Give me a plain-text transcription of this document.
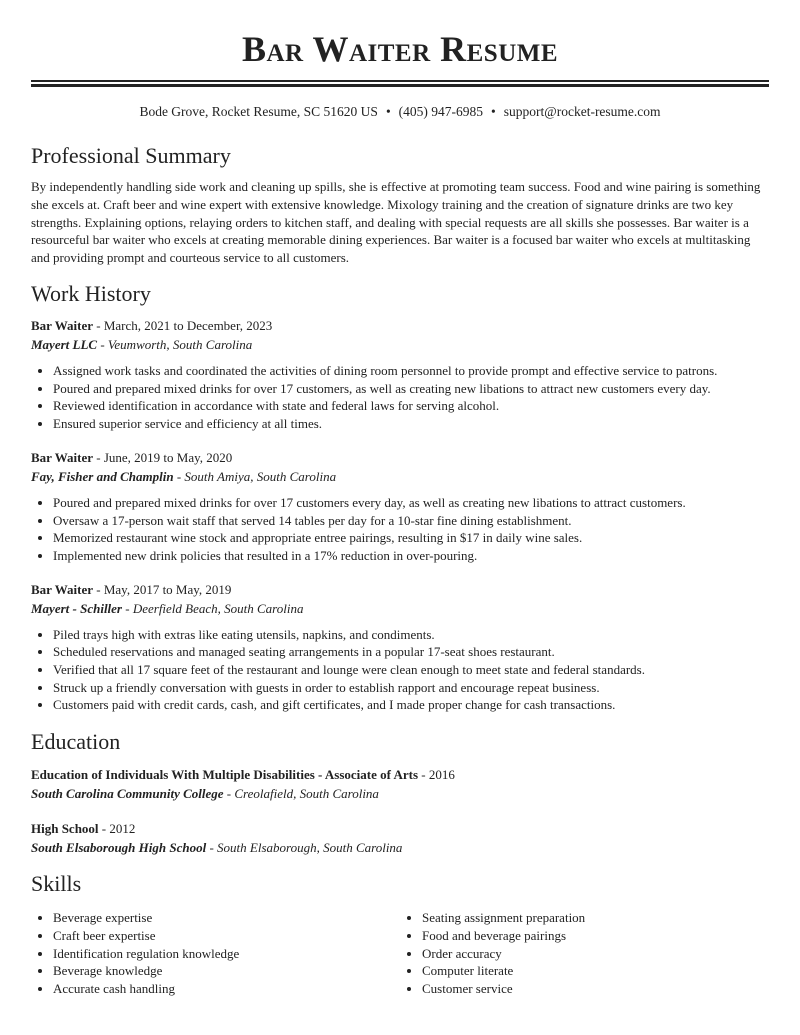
Bar Waiter Resume
Bode Grove, Rocket Resume, SC 51620 US • (405) 947-6985 • support@rocket-resume.com
Professional Summary
By independently handling side work and cleaning up spills, she is effective at promoting team success. Food and wine pairing is something she excels at. Craft beer and wine expert with extensive knowledge. Mixology training and the creation of signature drinks are two key strengths. Explaining options, relaying orders to kitchen staff, and dealing with special requests are all skills she possesses. Bar waiter is a resourceful bar waiter who excels at creating memorable dining experiences. Bar waiter is a focused bar waiter who excels at multitasking and providing prompt and courteous service to all customers.
Work History
Bar Waiter - March, 2021 to December, 2023
Mayert LLC - Veumworth, South Carolina
• Assigned work tasks and coordinated the activities of dining room personnel to provide prompt and effective service to patrons.
• Poured and prepared mixed drinks for over 17 customers, as well as creating new libations to attract new customers every day.
• Reviewed identification in accordance with state and federal laws for serving alcohol.
• Ensured superior service and efficiency at all times.
Bar Waiter - June, 2019 to May, 2020
Fay, Fisher and Champlin - South Amiya, South Carolina
• Poured and prepared mixed drinks for over 17 customers every day, as well as creating new libations to attract customers.
• Oversaw a 17-person wait staff that served 14 tables per day for a 10-star fine dining establishment.
• Memorized restaurant wine stock and appropriate entree pairings, resulting in $17 in daily wine sales.
• Implemented new drink policies that resulted in a 17% reduction in over-pouring.
Bar Waiter - May, 2017 to May, 2019
Mayert - Schiller - Deerfield Beach, South Carolina
• Piled trays high with extras like eating utensils, napkins, and condiments.
• Scheduled reservations and managed seating arrangements in a popular 17-seat shoes restaurant.
• Verified that all 17 square feet of the restaurant and lounge were clean enough to meet state and federal standards.
• Struck up a friendly conversation with guests in order to establish rapport and encourage repeat business.
• Customers paid with credit cards, cash, and gift certificates, and I made proper change for cash transactions.
Education
Education of Individuals With Multiple Disabilities - Associate of Arts - 2016
South Carolina Community College - Creolafield, South Carolina
High School - 2012
South Elsaborough High School - South Elsaborough, South Carolina
Skills
• Beverage expertise
• Craft beer expertise
• Identification regulation knowledge
• Beverage knowledge
• Accurate cash handling
• Seating assignment preparation
• Food and beverage pairings
• Order accuracy
• Computer literate
• Customer service
